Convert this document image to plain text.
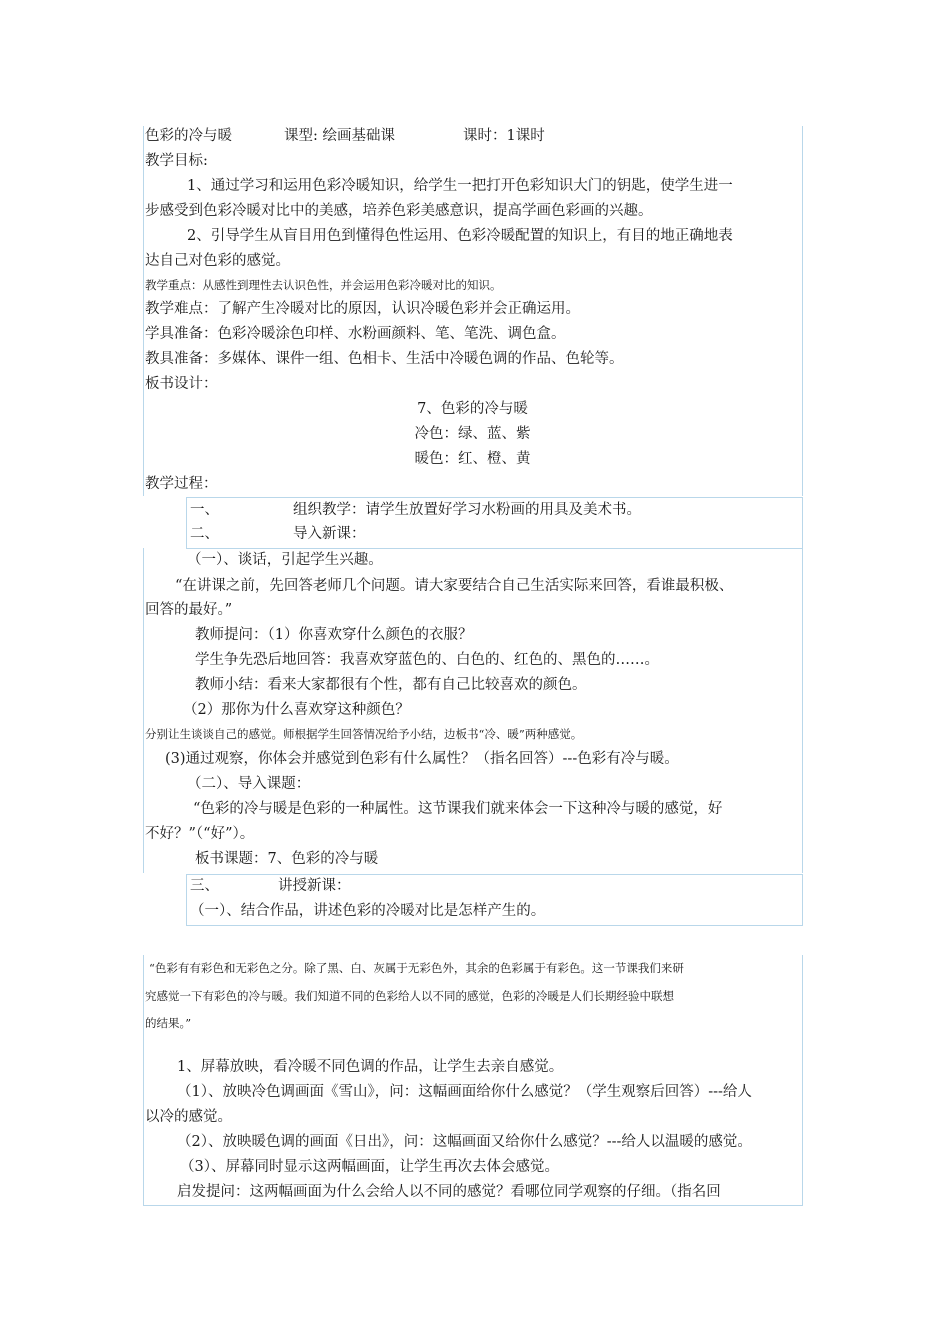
色彩的冷与暖	课型: 绘画基础课	课时：1课时
教学目标:
1、通过学习和运用色彩冷暖知识，给学生一把打开色彩知识大门的钥匙，使学生进一
步感受到色彩冷暖对比中的美感，培养色彩美感意识，提高学画色彩画的兴趣。
2、引导学生从盲目用色到懂得色性运用、色彩冷暖配置的知识上，有目的地正确地表
达自己对色彩的感觉。
教学重点：从感性到理性去认识色性，并会运用色彩冷暖对比的知识。
教学难点：了解产生冷暖对比的原因，认识冷暖色彩并会正确运用。
学具准备：色彩冷暖涂色印样、水粉画颜料、笔、笔洗、调色盒。
教具准备：多媒体、课件一组、色相卡、生活中冷暖色调的作品、色轮等。
板书设计：
7、色彩的冷与暖
冷色：绿、蓝、紫
暖色：红、橙、黄
教学过程：
一、	组织教学：请学生放置好学习水粉画的用具及美术书。
二、	导入新课：
（一）、谈话，引起学生兴趣。
“在讲课之前，先回答老师几个问题。请大家要结合自己生活实际来回答，看谁最积极、
回答的最好。”
教师提问：（1）你喜欢穿什么颜色的衣服？
学生争先恐后地回答：我喜欢穿蓝色的、白色的、红色的、黑色的……。
教师小结：看来大家都很有个性，都有自己比较喜欢的颜色。
（2）那你为什么喜欢穿这种颜色？
分别让生谈谈自己的感觉。师根据学生回答情况给予小结，边板书“冷、暖”两种感觉。
(3)通过观察，你体会并感觉到色彩有什么属性？（指名回答）---色彩有冷与暖。
（二）、导入课题：
“色彩的冷与暖是色彩的一种属性。这节课我们就来体会一下这种冷与暖的感觉，好
不好？”（“好”）。
板书课题：7、色彩的冷与暖
三、	讲授新课：
（一）、结合作品，讲述色彩的冷暖对比是怎样产生的。
“色彩有有彩色和无彩色之分。除了黑、白、灰属于无彩色外，其余的色彩属于有彩色。这一节课我们来研
究感觉一下有彩色的冷与暖。我们知道不同的色彩给人以不同的感觉，色彩的冷暖是人们长期经验中联想
的结果。”
1、屏幕放映，看冷暖不同色调的作品，让学生去亲自感觉。
（1）、放映冷色调画面《雪山》，问：这幅画面给你什么感觉？（学生观察后回答）---给人
以冷的感觉。
（2）、放映暖色调的画面《日出》，问：这幅画面又给你什么感觉？---给人以温暖的感觉。
（3）、屏幕同时显示这两幅画面，让学生再次去体会感觉。
启发提问：这两幅画面为什么会给人以不同的感觉？看哪位同学观察的仔细。（指名回
